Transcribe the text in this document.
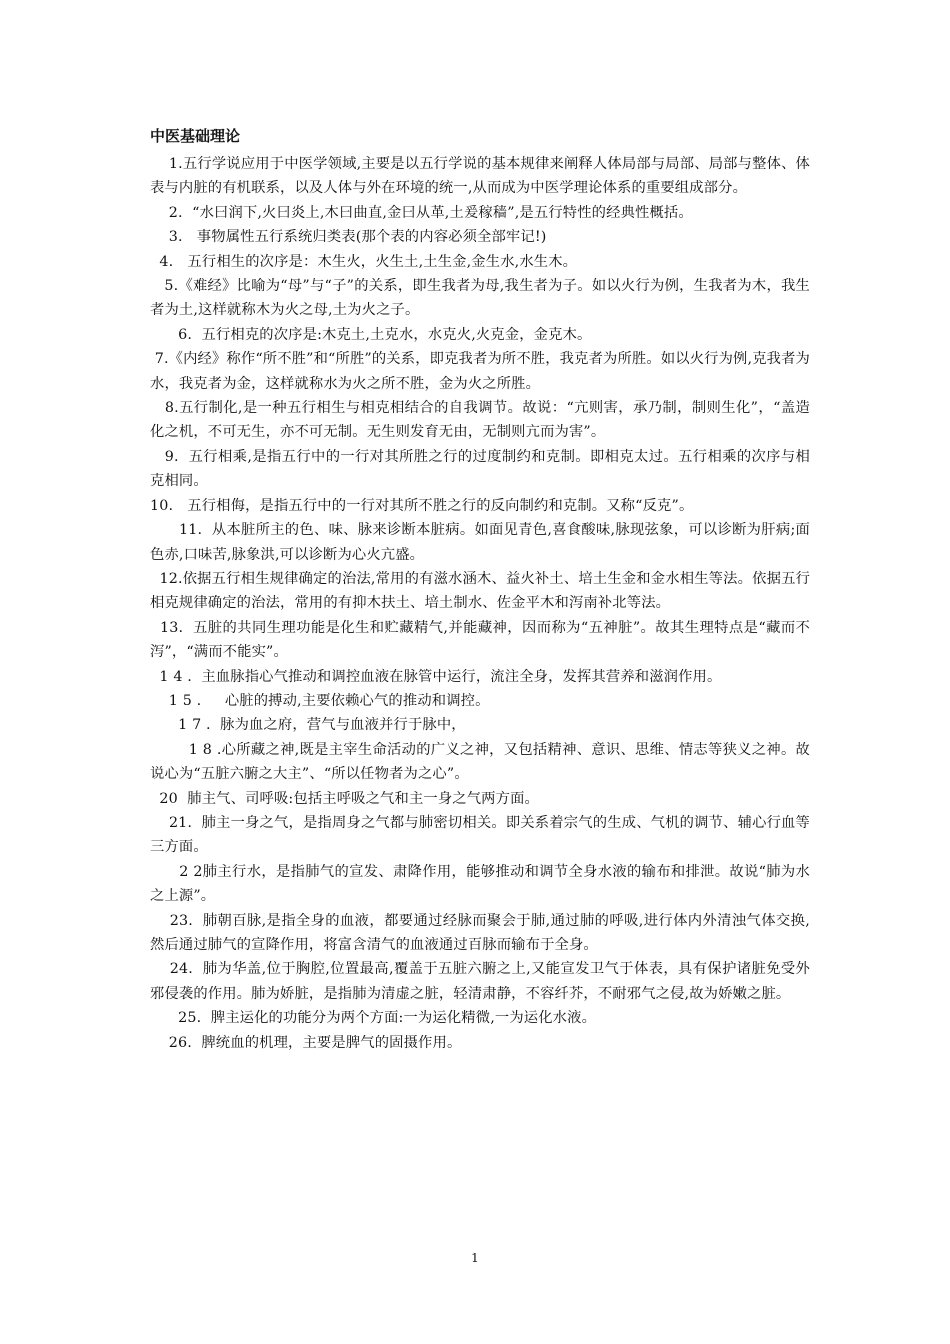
中医基础理论

1.五行学说应用于中医学领域,主要是以五行学说的基本规律来阐释人体局部与局部、局部与整体、体表与内脏的有机联系，以及人体与外在环境的统一,从而成为中医学理论体系的重要组成部分。

2.  “水曰润下,火曰炎上,木曰曲直,金曰从革,土爰稼穑”,是五行特性的经典性概括。

3.   事物属性五行系统归类表(那个表的内容必须全部牢记!)

4.   五行相生的次序是：木生火，火生土,土生金,金生水,水生木。

5.《难经》比喻为“母”与“子”的关系，即生我者为母,我生者为子。如以火行为例，生我者为木，我生者为土,这样就称木为火之母,土为火之子。

6.  五行相克的次序是:木克土,土克水，水克火,火克金，金克木。

7.《内经》称作“所不胜”和“所胜”的关系，即克我者为所不胜，我克者为所胜。如以火行为例,克我者为水，我克者为金，这样就称水为火之所不胜，金为火之所胜。

8.五行制化,是一种五行相生与相克相结合的自我调节。故说：“亢则害，承乃制，制则生化”，“盖造化之机，不可无生，亦不可无制。无生则发育无由，无制则亢而为害”。

9.  五行相乘,是指五行中的一行对其所胜之行的过度制约和克制。即相克太过。五行相乘的次序与相克相同。

10.   五行相侮，是指五行中的一行对其所不胜之行的反向制约和克制。又称“反克”。

11.  从本脏所主的色、味、脉来诊断本脏病。如面见青色,喜食酸味,脉现弦象，可以诊断为肝病;面色赤,口味苦,脉象洪,可以诊断为心火亢盛。

12.依据五行相生规律确定的治法,常用的有滋水涵木、益火补土、培土生金和金水相生等法。依据五行相克规律确定的治法，常用的有抑木扶土、培土制水、佐金平木和泻南补北等法。

13.  五脏的共同生理功能是化生和贮藏精气,并能藏神，因而称为“五神脏”。故其生理特点是“藏而不泻”，“满而不能实”。

1 4 .  主血脉指心气推动和调控血液在脉管中运行，流注全身，发挥其营养和滋润作用。

1 5 .     心脏的搏动,主要依赖心气的推动和调控。

1 7 .  脉为血之府，营气与血液并行于脉中，

1 8 .心所藏之神,既是主宰生命活动的广义之神，又包括精神、意识、思维、情志等狭义之神。故说心为“五脏六腑之大主”、“所以任物者为之心”。

20  肺主气、司呼吸:包括主呼吸之气和主一身之气两方面。

21.  肺主一身之气，是指周身之气都与肺密切相关。即关系着宗气的生成、气机的调节、辅心行血等三方面。

2 2肺主行水，是指肺气的宣发、肃降作用，能够推动和调节全身水液的输布和排泄。故说“肺为水之上源”。

23.  肺朝百脉,是指全身的血液，都要通过经脉而聚会于肺,通过肺的呼吸,进行体内外清浊气体交换,然后通过肺气的宣降作用，将富含清气的血液通过百脉而输布于全身。

24.  肺为华盖,位于胸腔,位置最高,覆盖于五脏六腑之上,又能宣发卫气于体表，具有保护诸脏免受外邪侵袭的作用。肺为娇脏，是指肺为清虚之脏，轻清肃静，不容纤芥，不耐邪气之侵,故为娇嫩之脏。

25.  脾主运化的功能分为两个方面:一为运化精微,一为运化水液。

26.  脾统血的机理，主要是脾气的固摄作用。

1
